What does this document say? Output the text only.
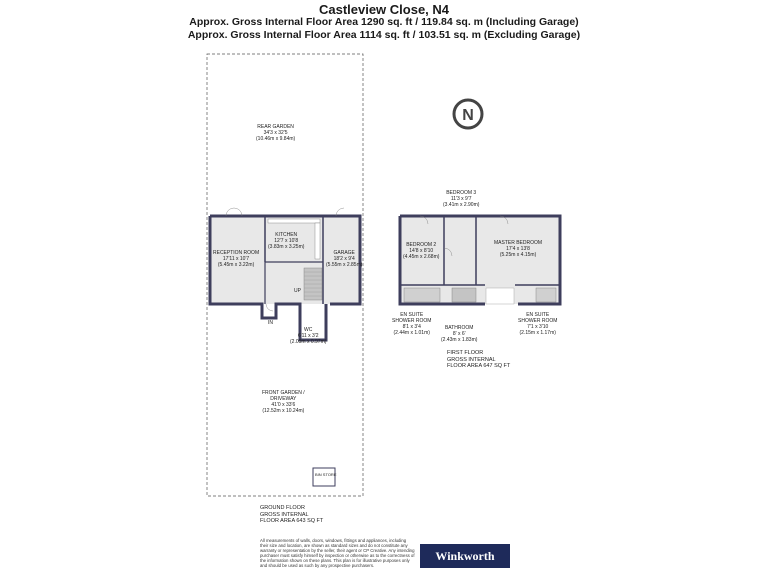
Castleview Close, N4
Approx. Gross Internal Floor Area 1290 sq. ft / 119.84 sq. m (Including Garage)
Approx. Gross Internal Floor Area 1114 sq. ft / 103.51 sq. m (Excluding Garage)
N
REAR GARDEN
34'3 x 32'5
(10.46m x 9.84m)
KITCHEN
12'7 x 10'8
(3.83m x 3.25m)
RECEPTION ROOM
17'11 x 10'7
(5.45m x 3.22m)
GARAGE
18'2 x 9'4
(5.55m x 2.85m)
UP
IN
WC
6'11 x 3'2
(2.09m x 0.97m)
FRONT GARDEN /
DRIVEWAY
41'0 x 33'6
(12.52m x 10.24m)
BIN STORE
GROUND FLOOR
GROSS INTERNAL
FLOOR AREA 643 SQ FT
BEDROOM 3
11'3 x 9'7
(3.41m x 2.90m)
BEDROOM 2
14'8 x 8'10
(4.45m x 2.68m)
MASTER BEDROOM
17'4 x 13'8
(5.25m x 4.15m)
EN SUITE
SHOWER ROOM
8'1 x 3'4
(2.44m x 1.01m)
BATHROOM
8' x 6'
(2.43m x 1.83m)
EN SUITE
SHOWER ROOM
7'1 x 3'10
(2.15m x 1.17m)
FIRST FLOOR
GROSS INTERNAL
FLOOR AREA 647 SQ FT
All measurements of walls, doors, windows, fittings and appliances, including their size and location, are shown as standard sizes and do not constitute any warranty or representation by the seller, their agent or CP Creative. Any intending purchaser must satisfy himself by inspection or otherwise as to the correctness of the information shown on these plans. This plan is for illustrative purposes only and should be used as such by any prospective purchasers.
Winkworth
